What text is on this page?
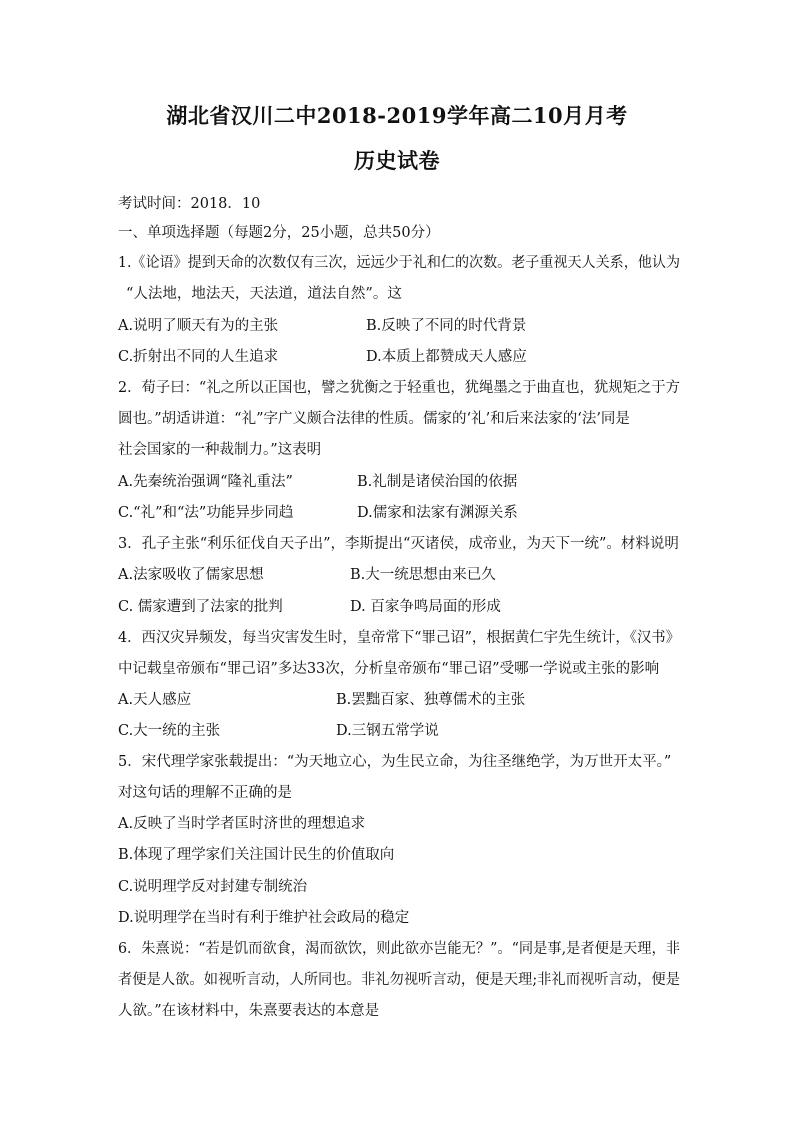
湖北省汉川二中2018-2019学年高二10月月考
历史试卷
考试时间：2018．10
一、单项选择题（每题2分，25小题，总共50分）
1.《论语》提到天命的次数仅有三次，远远少于礼和仁的次数。老子重视天人关系，他认为
“人法地，地法天，天法道，道法自然”。这
A.说明了顺天有为的主张	B.反映了不同的时代背景
C.折射出不同的人生追求	D.本质上都赞成天人感应
2．荀子曰：“礼之所以正国也，譬之犹衡之于轻重也，犹绳墨之于曲直也，犹规矩之于方
圆也。”胡适讲道：“礼”字广义颇合法律的性质。儒家的‘礼’和后来法家的‘法’同是
社会国家的一种裁制力。”这表明
A.先秦统治强调“隆礼重法”	B.礼制是诸侯治国的依据
C.“礼”和“法”功能异步同趋	D.儒家和法家有渊源关系
3．孔子主张“利乐征伐自天子出”，李斯提出“灭诸侯，成帝业，为天下一统”。材料说明
A.法家吸收了儒家思想	B.大一统思想由来已久
C. 儒家遭到了法家的批判	D. 百家争鸣局面的形成
4．西汉灾异频发，每当灾害发生时，皇帝常下“罪己诏”，根据黄仁宇先生统计，《汉书》
中记载皇帝颁布“罪己诏”多达33次，分析皇帝颁布“罪己诏”受哪一学说或主张的影响
A.天人感应	B.罢黜百家、独尊儒术的主张
C.大一统的主张	D.三钢五常学说
5．宋代理学家张载提出：“为天地立心，为生民立命，为往圣继绝学，为万世开太平。”
对这句话的理解不正确的是
A.反映了当时学者匡时济世的理想追求
B.体现了理学家们关注国计民生的价值取向
C.说明理学反对封建专制统治
D.说明理学在当时有利于维护社会政局的稳定
6．朱熹说：“若是饥而欲食，渴而欲饮，则此欲亦岂能无？”。“同是事,是者便是天理，非
者便是人欲。如视听言动，人所同也。非礼勿视听言动，便是天理;非礼而视听言动，便是
人欲。”在该材料中，朱熹要表达的本意是
